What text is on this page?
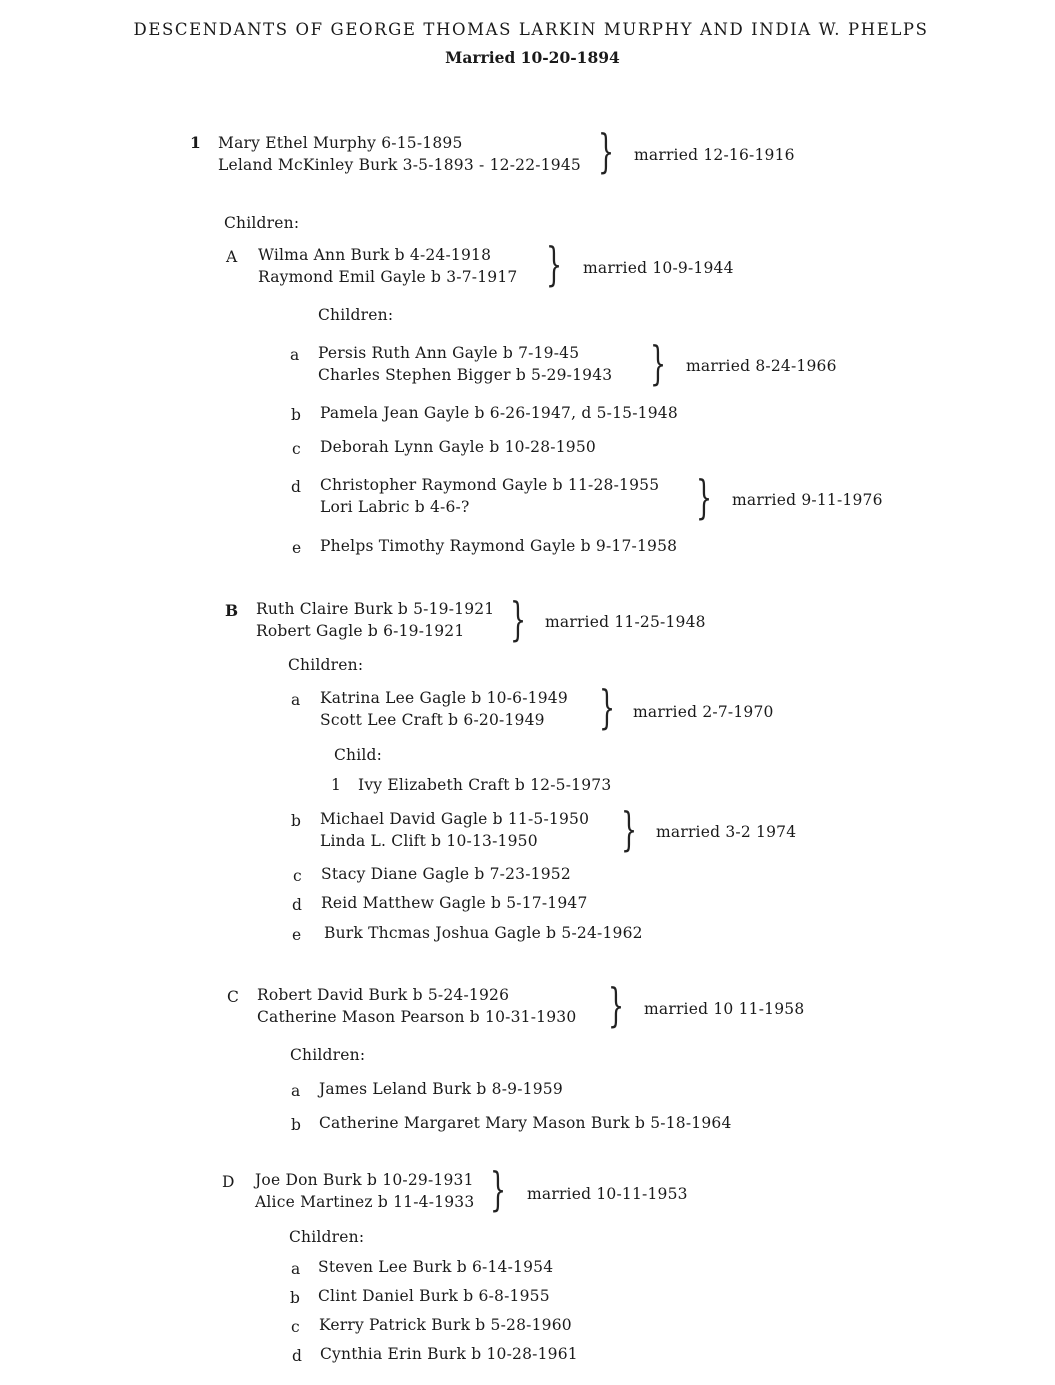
DESCENDANTS OF GEORGE THOMAS LARKIN MURPHY AND INDIA W. PHELPS
Married 10-20-1894
1 Mary Ethel Murphy 6-15-1895
Leland McKinley Burk 3-5-1893 - 12-22-1945 } married 12-16-1916
Children:
A Wilma Ann Burk b 4-24-1918
Raymond Emil Gayle b 3-7-1917 } married 10-9-1944
Children:
a Persis Ruth Ann Gayle b 7-19-45
Charles Stephen Bigger b 5-29-1943 } married 8-24-1966
b Pamela Jean Gayle b 6-26-1947, d 5-15-1948
c Deborah Lynn Gayle b 10-28-1950
d Christopher Raymond Gayle b 11-28-1955
Lori Labric b 4-6-?	} married 9-11-1976
e Phelps Timothy Raymond Gayle b 9-17-1958
B Ruth Claire Burk b 5-19-1921
Robert Gagle b 6-19-1921 } married 11-25-1948
Children:
a Katrina Lee Gagle b 10-6-1949
Scott Lee Craft b 6-20-1949 } married 2-7-1970
Child:
1 Ivy Elizabeth Craft b 12-5-1973
b Michael David Gagle b 11-5-1950
Linda L. Clift b 10-13-1950 } married 3-2 1974
c Stacy Diane Gagle b 7-23-1952
d Reid Matthew Gagle b 5-17-1947
e Burk Thcmas Joshua Gagle b 5-24-1962
C Robert David Burk b 5-24-1926
Catherine Mason Pearson b 10-31-1930 } married 10 11-1958
Children:
a James Leland Burk b 8-9-1959
b Catherine Margaret Mary Mason Burk b 5-18-1964
D Joe Don Burk b 10-29-1931
Alice Martinez b 11-4-1933 } married 10-11-1953
Children:
a Steven Lee Burk b 6-14-1954
b Clint Daniel Burk b 6-8-1955
c Kerry Patrick Burk b 5-28-1960
d Cynthia Erin Burk b 10-28-1961
